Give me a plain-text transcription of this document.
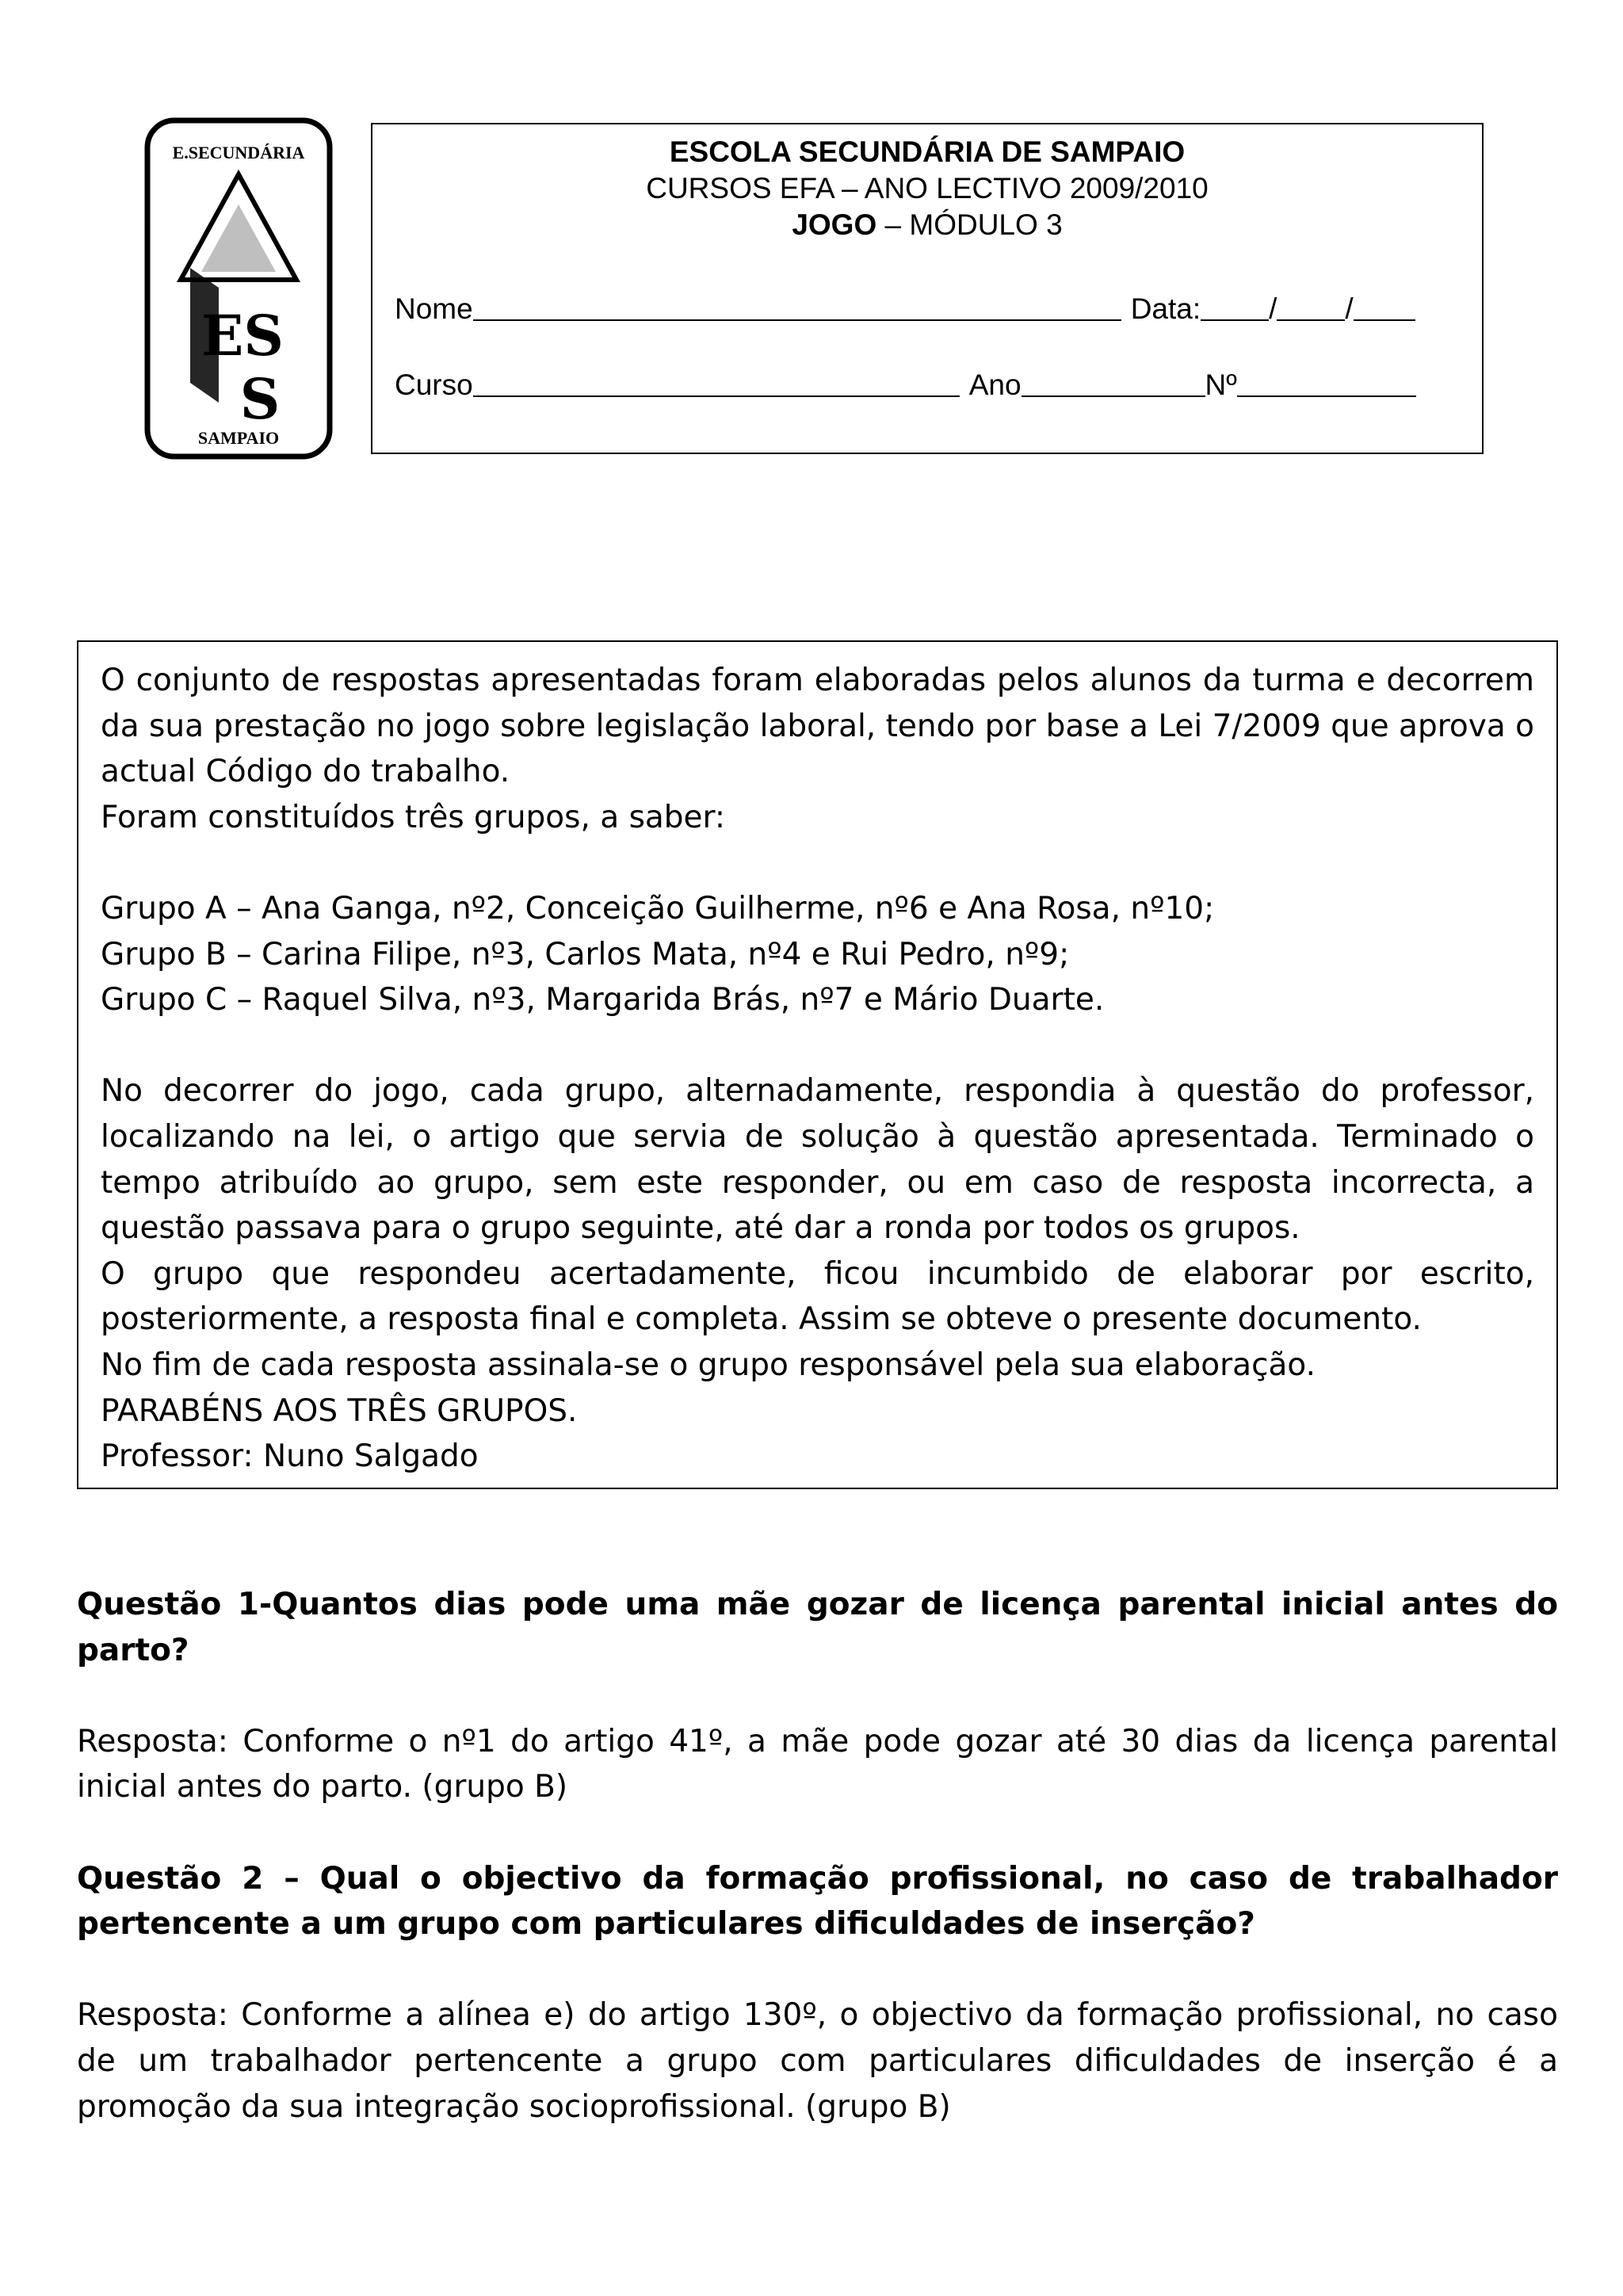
E.SECUNDÁRIA
ES
S
SAMPAIO
ESCOLA SECUNDÁRIA DE SAMPAIO
CURSOS EFA – ANO LECTIVO 2009/2010
JOGO – MÓDULO 3
Nome	Data: / /
Curso	Ano	Nº

O conjunto de respostas apresentadas foram elaboradas pelos alunos da turma e decorrem da sua prestação no jogo sobre legislação laboral, tendo por base a Lei 7/2009 que aprova o actual Código do trabalho.

Foram constituídos três grupos, a saber:

Grupo A – Ana Ganga, nº2, Conceição Guilherme, nº6 e Ana Rosa, nº10;

Grupo B – Carina Filipe, nº3, Carlos Mata, nº4 e Rui Pedro, nº9;

Grupo C – Raquel Silva, nº3, Margarida Brás, nº7 e Mário Duarte.

No decorrer do jogo, cada grupo, alternadamente, respondia à questão do professor, localizando na lei, o artigo que servia de solução à questão apresentada. Terminado o tempo atribuído ao grupo, sem este responder, ou em caso de resposta incorrecta, a questão passava para o grupo seguinte, até dar a ronda por todos os grupos.

O grupo que respondeu acertadamente, ficou incumbido de elaborar por escrito, posteriormente, a resposta final e completa. Assim se obteve o presente documento.

No fim de cada resposta assinala-se o grupo responsável pela sua elaboração.

PARABÉNS AOS TRÊS GRUPOS.

Professor: Nuno Salgado

Questão 1-Quantos dias pode uma mãe gozar de licença parental inicial antes do parto?

Resposta: Conforme o nº1 do artigo 41º, a mãe pode gozar até 30 dias da licença parental inicial antes do parto. (grupo B)

Questão 2 – Qual o objectivo da formação profissional, no caso de trabalhador pertencente a um grupo com particulares dificuldades de inserção?

Resposta: Conforme a alínea e) do artigo 130º, o objectivo da formação profissional, no caso de um trabalhador pertencente a grupo com particulares dificuldades de inserção é a promoção da sua integração socioprofissional. (grupo B)
